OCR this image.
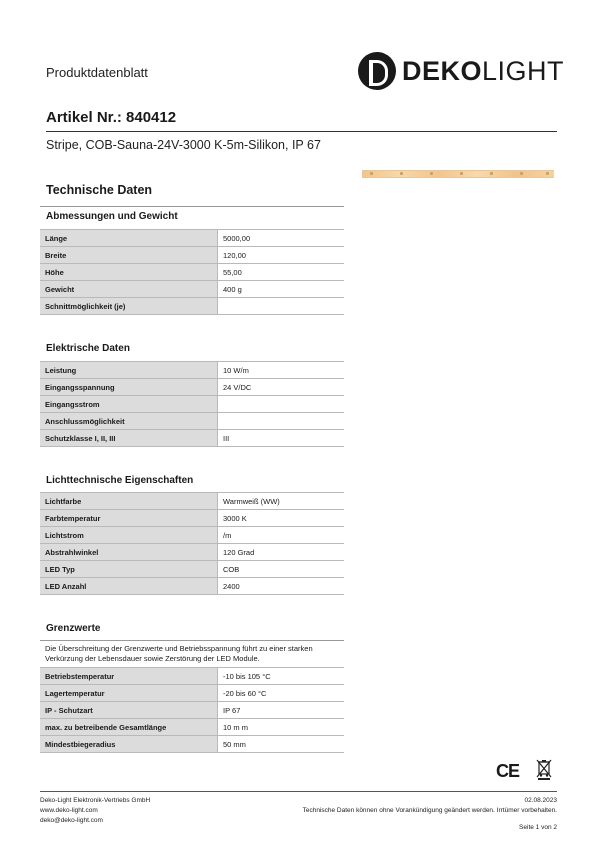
Produktdatenblatt	DEKOLIGHT
Artikel Nr.: 840412
Stripe, COB-Sauna-24V-3000 K-5m-Silikon, IP 67
Technische Daten
Abmessungen und Gewicht
Länge	5000,00
Breite	120,00
Höhe	55,00
Gewicht	400 g
Schnittmöglichkeit (je)	
Elektrische Daten
Leistung	10 W/m
Eingangsspannung	24 V/DC
Eingangsstrom	
Anschlussmöglichkeit	
Schutzklasse I, II, III	III
Lichttechnische Eigenschaften
Lichtfarbe	Warmweiß (WW)
Farbtemperatur	3000 K
Lichtstrom	/m
Abstrahlwinkel	120 Grad
LED Typ	COB
LED Anzahl	2400
Grenzwerte
Die Überschreitung der Grenzwerte und Betriebsspannung führt zu einer starken Verkürzung der Lebensdauer sowie Zerstörung der LED Module.
Betriebstemperatur	-10 bis 105 °C
Lagertemperatur	-20 bis 60 °C
IP - Schutzart	IP 67
max. zu betreibende Gesamtlänge	10 m m
Mindestbiegeradius	50 mm
CE
Deko-Light Elektronik-Vertriebs GmbH
www.deko-light.com
deko@deko-light.com
02.08.2023
Technische Daten können ohne Vorankündigung geändert werden. Irrtümer vorbehalten.
Seite 1 von 2
